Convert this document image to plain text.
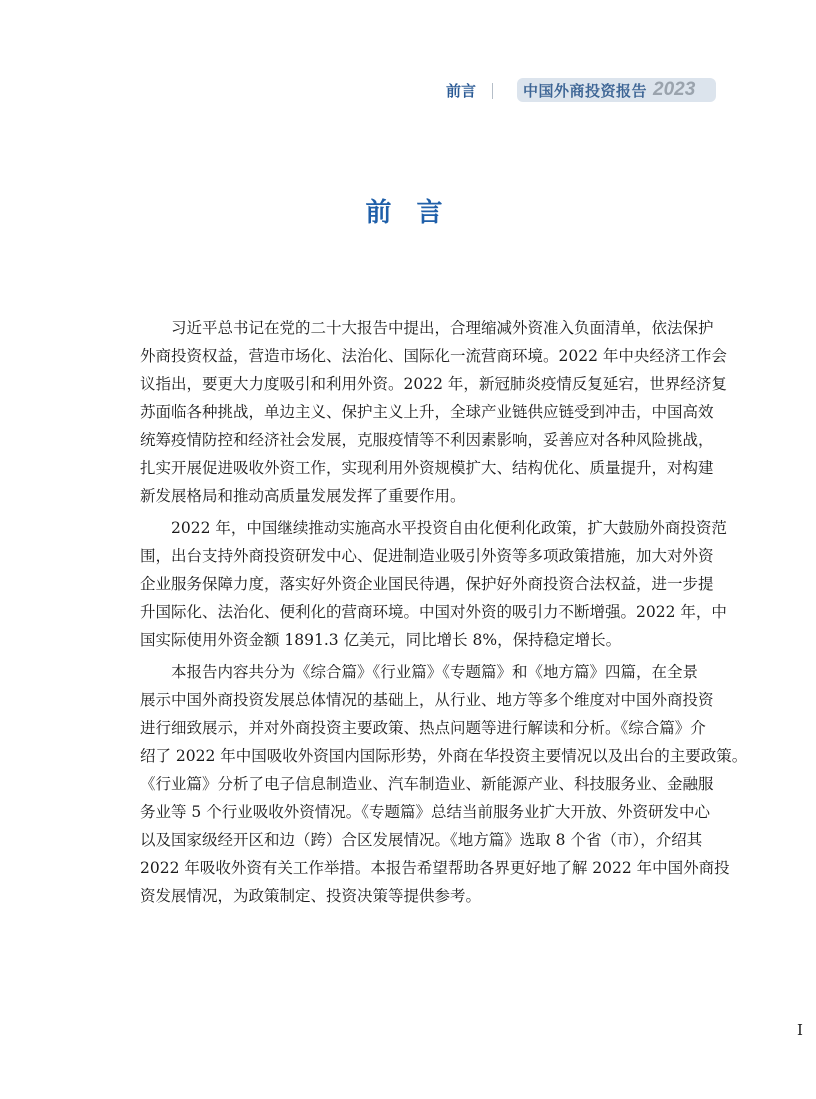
前言	中国外商投资报告 2023
前 言
习近平总书记在党的二十大报告中提出，合理缩减外资准入负面清单，依法保护
外商投资权益，营造市场化、法治化、国际化一流营商环境。2022 年中央经济工作会
议指出，要更大力度吸引和利用外资。2022 年，新冠肺炎疫情反复延宕，世界经济复
苏面临各种挑战，单边主义、保护主义上升，全球产业链供应链受到冲击，中国高效
统筹疫情防控和经济社会发展，克服疫情等不利因素影响，妥善应对各种风险挑战，
扎实开展促进吸收外资工作，实现利用外资规模扩大、结构优化、质量提升，对构建
新发展格局和推动高质量发展发挥了重要作用。
2022 年，中国继续推动实施高水平投资自由化便利化政策，扩大鼓励外商投资范
围，出台支持外商投资研发中心、促进制造业吸引外资等多项政策措施，加大对外资
企业服务保障力度，落实好外资企业国民待遇，保护好外商投资合法权益，进一步提
升国际化、法治化、便利化的营商环境。中国对外资的吸引力不断增强。2022 年，中
国实际使用外资金额 1891.3 亿美元，同比增长 8%，保持稳定增长。
本报告内容共分为《综合篇》《行业篇》《专题篇》和《地方篇》四篇，在全景
展示中国外商投资发展总体情况的基础上，从行业、地方等多个维度对中国外商投资
进行细致展示，并对外商投资主要政策、热点问题等进行解读和分析。《综合篇》介
绍了 2022 年中国吸收外资国内国际形势，外商在华投资主要情况以及出台的主要政策。
《行业篇》分析了电子信息制造业、汽车制造业、新能源产业、科技服务业、金融服
务业等 5 个行业吸收外资情况。《专题篇》总结当前服务业扩大开放、外资研发中心
以及国家级经开区和边（跨）合区发展情况。《地方篇》选取 8 个省（市），介绍其
2022 年吸收外资有关工作举措。本报告希望帮助各界更好地了解 2022 年中国外商投
资发展情况，为政策制定、投资决策等提供参考。
I
